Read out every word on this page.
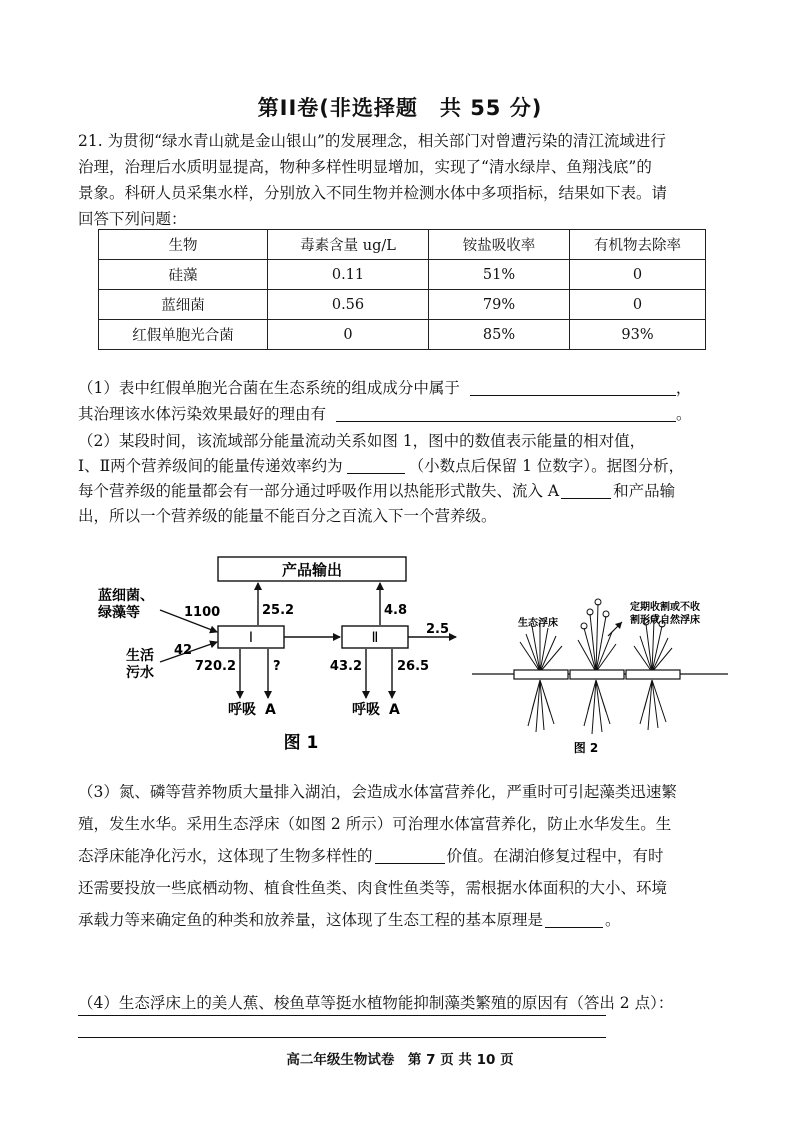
第II卷(非选择题　共 55 分)
21. 为贯彻“绿水青山就是金山银山”的发展理念，相关部门对曾遭污染的清江流域进行
治理，治理后水质明显提高，物种多样性明显增加，实现了“清水绿岸、鱼翔浅底”的
景象。科研人员采集水样，分别放入不同生物并检测水体中多项指标，结果如下表。请
回答下列问题：
生物	毒素含量 ug/L	铵盐吸收率	有机物去除率
硅藻	0.11	51%	0
蓝细菌	0.56	79%	0
红假单胞光合菌	0	85%	93%
（1）表中红假单胞光合菌在生态系统的组成成分中属于	，
其治理该水体污染效果最好的理由有	。
（2）某段时间，该流域部分能量流动关系如图 1，图中的数值表示能量的相对值，
Ⅰ、Ⅱ两个营养级间的能量传递效率约为	（小数点后保留 1 位数字）。据图分析，
每个营养级的能量都会有一部分通过呼吸作用以热能形式散失、流入 A	和产品输
出，所以一个营养级的能量不能百分之百流入下一个营养级。
产品输出
Ⅰ	Ⅱ
蓝细菌、
绿藻等
生活
污水
1100
42
25.2	4.8
2.5
720.2	?	43.2	26.5
呼吸 A	呼吸 A
图 1
生态浮床
定期收割或不收
割形成自然浮床
图 2
（3）氮、磷等营养物质大量排入湖泊，会造成水体富营养化，严重时可引起藻类迅速繁
殖，发生水华。采用生态浮床（如图 2 所示）可治理水体富营养化，防止水华发生。生
态浮床能净化污水，这体现了生物多样性的	价值。在湖泊修复过程中，有时
还需要投放一些底栖动物、植食性鱼类、肉食性鱼类等，需根据水体面积的大小、环境
承载力等来确定鱼的种类和放养量，这体现了生态工程的基本原理是	。
（4）生态浮床上的美人蕉、梭鱼草等挺水植物能抑制藻类繁殖的原因有（答出 2 点）：
高二年级生物试卷　第 7 页 共 10 页
